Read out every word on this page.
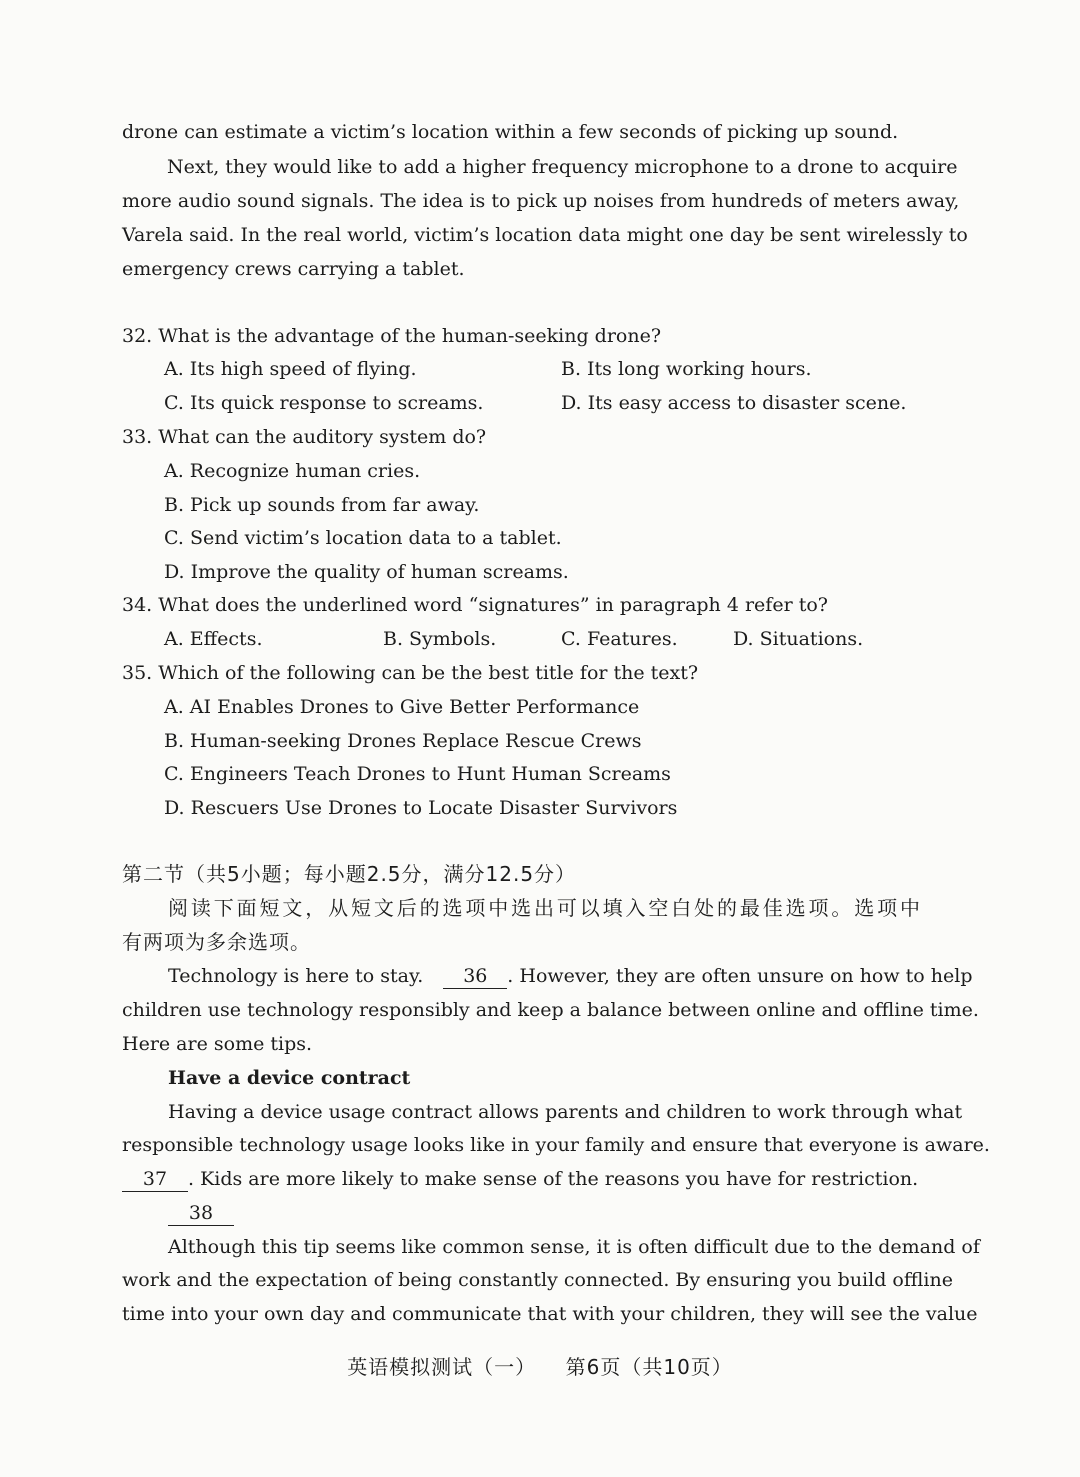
drone can estimate a victim’s location within a few seconds of picking up sound.
Next, they would like to add a higher frequency microphone to a drone to acquire
more audio sound signals. The idea is to pick up noises from hundreds of meters away,
Varela said. In the real world, victim’s location data might one day be sent wirelessly to
emergency crews carrying a tablet.
32. What is the advantage of the human-seeking drone?
A. Its high speed of flying.	B. Its long working hours.
C. Its quick response to screams.	D. Its easy access to disaster scene.
33. What can the auditory system do?
A. Recognize human cries.
B. Pick up sounds from far away.
C. Send victim’s location data to a tablet.
D. Improve the quality of human screams.
34. What does the underlined word “signatures” in paragraph 4 refer to?
A. Effects.	B. Symbols.	C. Features.	D. Situations.
35. Which of the following can be the best title for the text?
A. AI Enables Drones to Give Better Performance
B. Human-seeking Drones Replace Rescue Crews
C. Engineers Teach Drones to Hunt Human Screams
D. Rescuers Use Drones to Locate Disaster Survivors
第二节（共5小题；每小题2.5分，满分12.5分）
阅读下面短文，从短文后的选项中选出可以填入空白处的最佳选项。选项中
有两项为多余选项。
Technology is here to stay. 36 . However, they are often unsure on how to help
children use technology responsibly and keep a balance between online and offline time.
Here are some tips.
Have a device contract
Having a device usage contract allows parents and children to work through what
responsible technology usage looks like in your family and ensure that everyone is aware.
37 . Kids are more likely to make sense of the reasons you have for restriction.
38
Although this tip seems like common sense, it is often difficult due to the demand of
work and the expectation of being constantly connected. By ensuring you build offline
time into your own day and communicate that with your children, they will see the value
英语模拟测试（一）    第6页（共10页）
